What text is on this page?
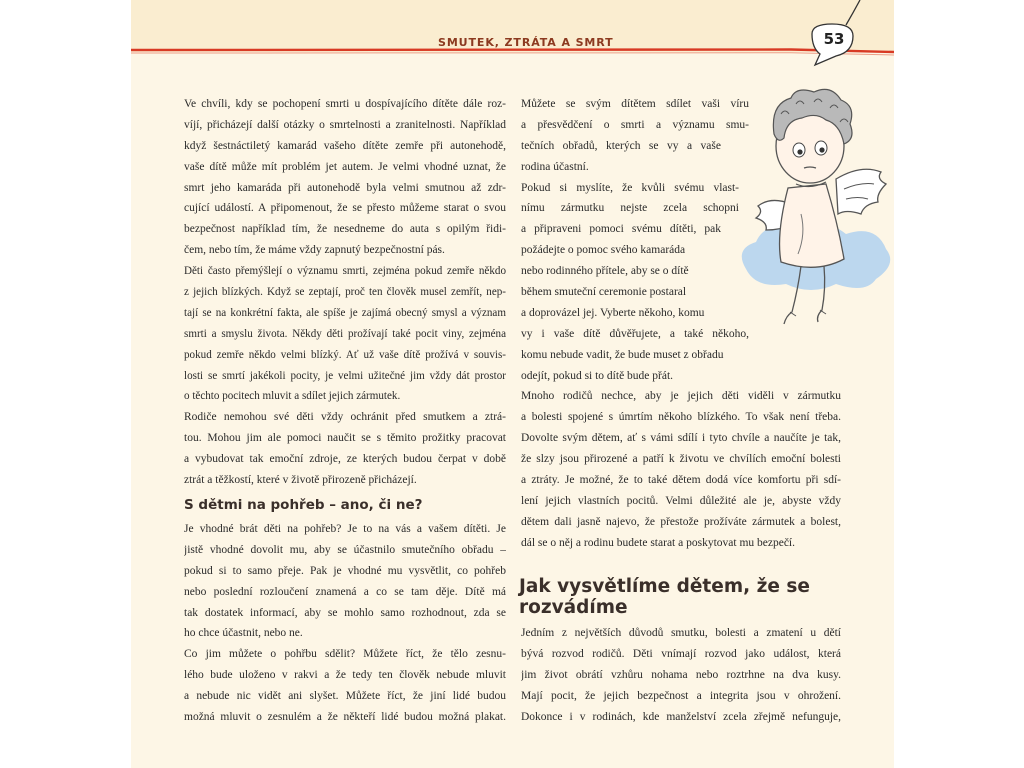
SMUTEK, ZTRÁTA A SMRT	53
Ve chvíli, kdy se pochopení smrti u dospívajícího dítěte dále roz-
víjí, přicházejí další otázky o smrtelnosti a zranitelnosti. Například
když šestnáctiletý kamarád vašeho dítěte zemře při autonehodě,
vaše dítě může mít problém jet autem. Je velmi vhodné uznat, že
smrt jeho kamaráda při autonehodě byla velmi smutnou až zdr-
cující událostí. A připomenout, že se přesto můžeme starat o svou
bezpečnost například tím, že nesedneme do auta s opilým řidi-
čem, nebo tím, že máme vždy zapnutý bezpečnostní pás.
Děti často přemýšlejí o významu smrti, zejména pokud zemře někdo
z jejich blízkých. Když se zeptají, proč ten člověk musel zemřít, nep-
tají se na konkrétní fakta, ale spíše je zajímá obecný smysl a význam
smrti a smyslu života. Někdy děti prožívají také pocit viny, zejména
pokud zemře někdo velmi blízký. Ať už vaše dítě prožívá v souvis-
losti se smrtí jakékoli pocity, je velmi užitečné jim vždy dát prostor
o těchto pocitech mluvit a sdílet jejich zármutek.
Rodiče nemohou své děti vždy ochránit před smutkem a ztrá-
tou. Mohou jim ale pomoci naučit se s těmito prožitky pracovat
a vybudovat tak emoční zdroje, ze kterých budou čerpat v době
ztrát a těžkostí, které v životě přirozeně přicházejí.
S dětmi na pohřeb – ano, či ne?
Je vhodné brát děti na pohřeb? Je to na vás a vašem dítěti. Je
jistě vhodné dovolit mu, aby se účastnilo smutečního obřadu –
pokud si to samo přeje. Pak je vhodné mu vysvětlit, co pohřeb
nebo poslední rozloučení znamená a co se tam děje. Dítě má
tak dostatek informací, aby se mohlo samo rozhodnout, zda se
ho chce účastnit, nebo ne.
Co jim můžete o pohřbu sdělit? Můžete říct, že tělo zesnu-
lého bude uloženo v rakvi a že tedy ten člověk nebude mluvit
a nebude nic vidět ani slyšet. Můžete říct, že jiní lidé budou
možná mluvit o zesnulém a že někteří lidé budou možná plakat.
Můžete se svým dítětem sdílet vaši víru
a přesvědčení o smrti a významu smu-
tečních obřadů, kterých se vy a vaše
rodina účastní.
Pokud si myslíte, že kvůli svému vlast-
nímu zármutku nejste zcela schopni
a připraveni pomoci svému dítěti, pak
požádejte o pomoc svého kamaráda
nebo rodinného přítele, aby se o dítě
během smuteční ceremonie postaral
a doprovázel jej. Vyberte někoho, komu
vy i vaše dítě důvěřujete, a také někoho,
komu nebude vadit, že bude muset z obřadu
odejít, pokud si to dítě bude přát.
Mnoho rodičů nechce, aby je jejich děti viděli v zármutku
a bolesti spojené s úmrtím někoho blízkého. To však není třeba.
Dovolte svým dětem, ať s vámi sdílí i tyto chvíle a naučíte je tak,
že slzy jsou přirozené a patří k životu ve chvílích emoční bolesti
a ztráty. Je možné, že to také dětem dodá více komfortu při sdí-
lení jejich vlastních pocitů. Velmi důležité ale je, abyste vždy
dětem dali jasně najevo, že přestože prožíváte zármutek a bolest,
dál se o něj a rodinu budete starat a poskytovat mu bezpečí.
Jak vysvětlíme dětem, že se
rozvádíme
Jedním z největších důvodů smutku, bolesti a zmatení u dětí
bývá rozvod rodičů. Děti vnímají rozvod jako událost, která
jim život obrátí vzhůru nohama nebo roztrhne na dva kusy.
Mají pocit, že jejich bezpečnost a integrita jsou v ohrožení.
Dokonce i v rodinách, kde manželství zcela zřejmě nefunguje,
